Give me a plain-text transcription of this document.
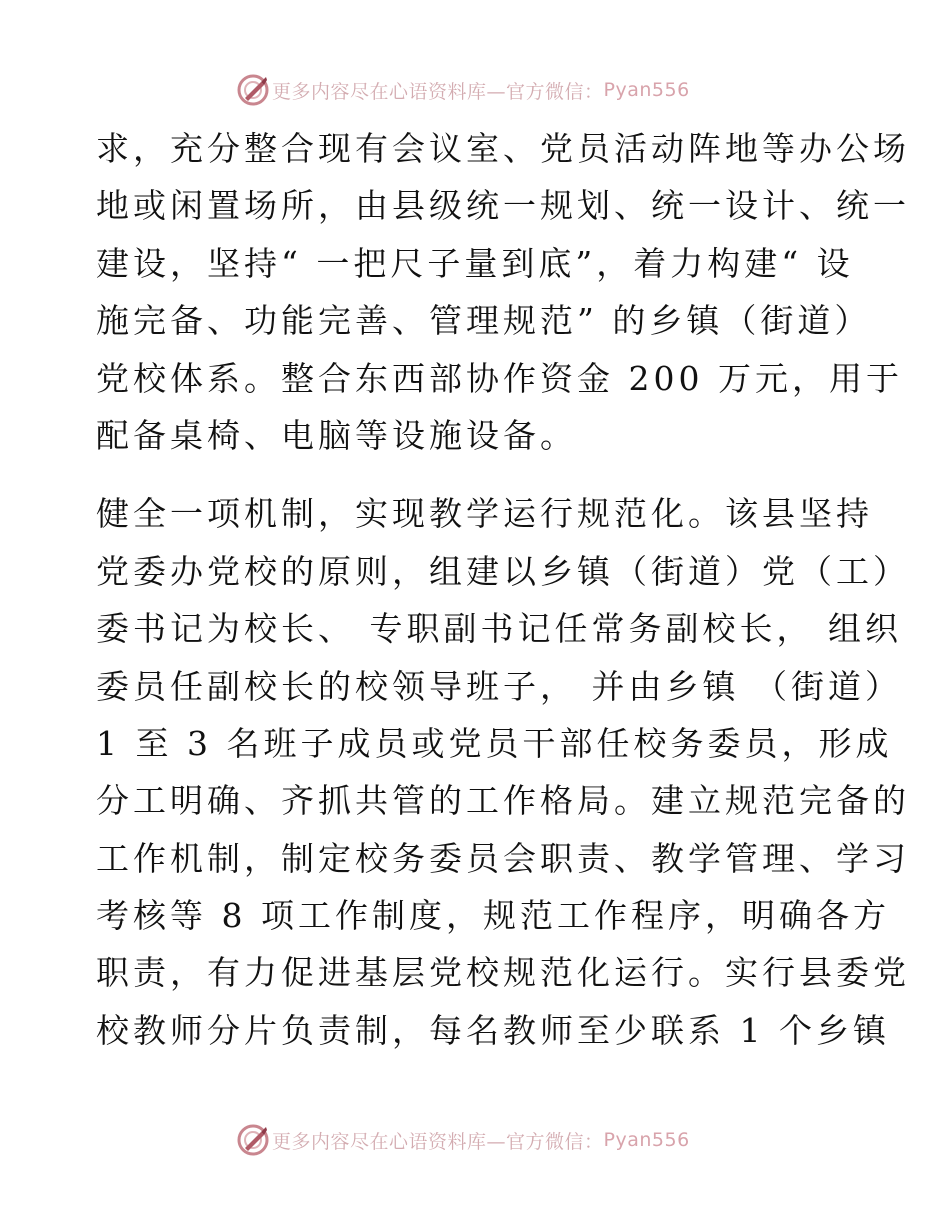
更多内容尽在心语资料库—官方微信： Pyan556
求，充分整合现有会议室、党员活动阵地等办公场
地或闲置场所，由县级统一规划、统一设计、统一
建设，坚持“ 一把尺子量到底”，着力构建“ 设
施完备、功能完善、管理规范” 的乡镇（街道）
党校体系。整合东西部协作资金 200 万元，用于
配备桌椅、电脑等设施设备。
健全一项机制，实现教学运行规范化。该县坚持
党委办党校的原则，组建以乡镇（街道）党（工）
委书记为校长、 专职副书记任常务副校长， 组织
委员任副校长的校领导班子， 并由乡镇 （街道）
1 至 3 名班子成员或党员干部任校务委员，形成
分工明确、齐抓共管的工作格局。建立规范完备的
工作机制，制定校务委员会职责、教学管理、学习
考核等 8 项工作制度，规范工作程序，明确各方
职责，有力促进基层党校规范化运行。实行县委党
校教师分片负责制，每名教师至少联系 1 个乡镇
更多内容尽在心语资料库—官方微信： Pyan556
